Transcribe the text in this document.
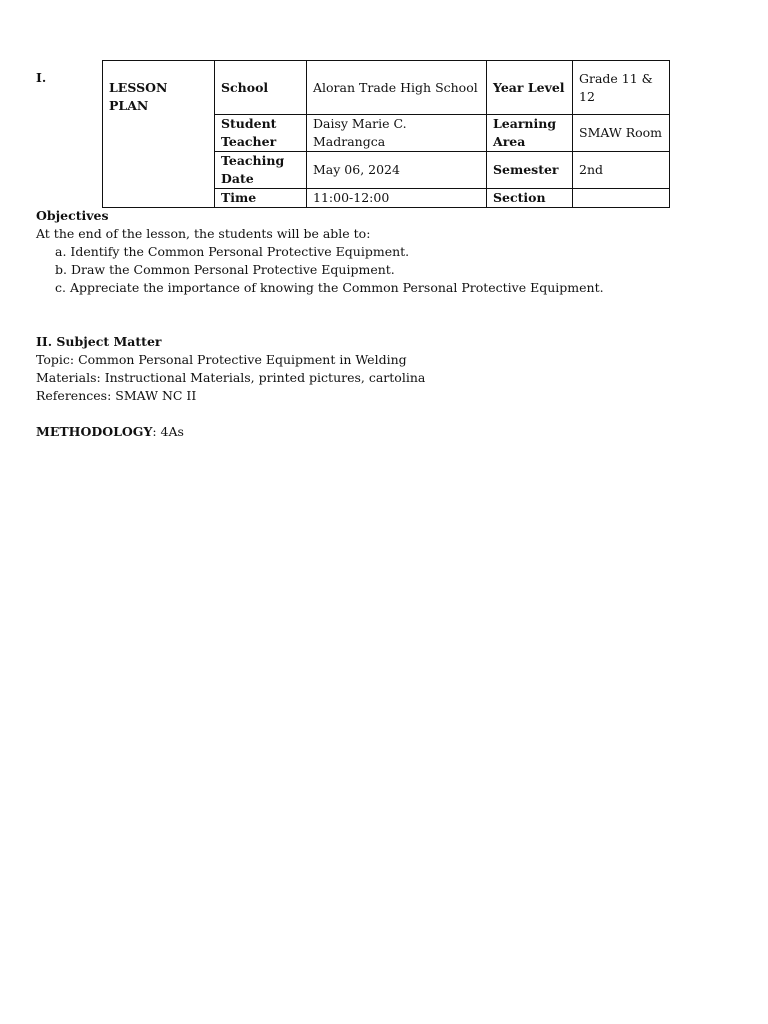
I.
LESSON PLAN	School	Aloran Trade High School	Year Level	Grade 11 & 12
	Student Teacher	Daisy Marie C. Madrangca	Learning Area	SMAW Room
	Teaching Date	May 06, 2024	Semester	2nd
	Time	11:00-12:00	Section	

Objectives

At the end of the lesson, the students will be able to:

a. Identify the Common Personal Protective Equipment.

b. Draw the Common Personal Protective Equipment.

c. Appreciate the importance of knowing the Common Personal Protective Equipment.

II. Subject Matter

Topic: Common Personal Protective Equipment in Welding

Materials: Instructional Materials, printed pictures, cartolina

References: SMAW NC II

METHODOLOGY: 4As
